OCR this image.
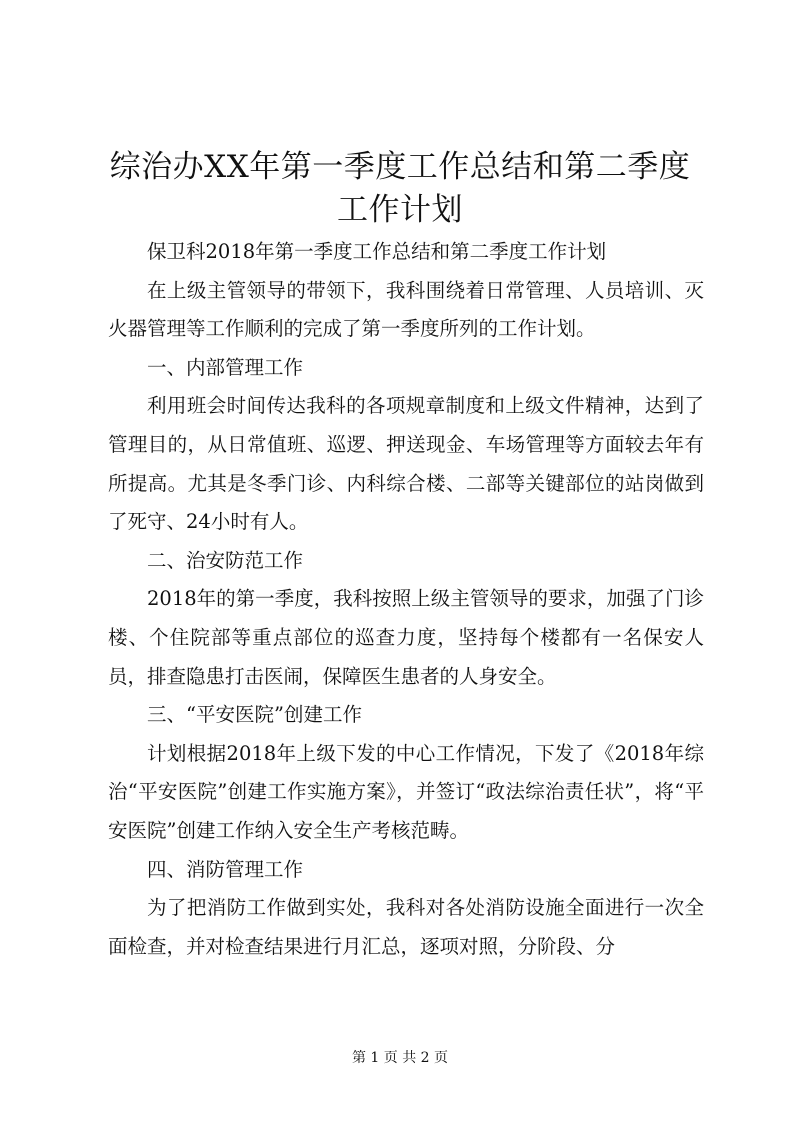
综治办XX年第一季度工作总结和第二季度工作计划

保卫科2018年第一季度工作总结和第二季度工作计划

在上级主管领导的带领下，我科围绕着日常管理、人员培训、灭火器管理等工作顺利的完成了第一季度所列的工作计划。

一、内部管理工作

利用班会时间传达我科的各项规章制度和上级文件精神，达到了管理目的，从日常值班、巡逻、押送现金、车场管理等方面较去年有所提高。尤其是冬季门诊、内科综合楼、二部等关键部位的站岗做到了死守、24小时有人。

二、治安防范工作

2018年的第一季度，我科按照上级主管领导的要求，加强了门诊楼、个住院部等重点部位的巡查力度，坚持每个楼都有一名保安人员，排查隐患打击医闹，保障医生患者的人身安全。

三、“平安医院”创建工作

计划根据2018年上级下发的中心工作情况，下发了《2018年综治“平安医院”创建工作实施方案》，并签订“政法综治责任状”，将“平安医院”创建工作纳入安全生产考核范畴。

四、消防管理工作

为了把消防工作做到实处，我科对各处消防设施全面进行一次全面检查，并对检查结果进行月汇总，逐项对照，分阶段、分

第 1 页 共 2 页
